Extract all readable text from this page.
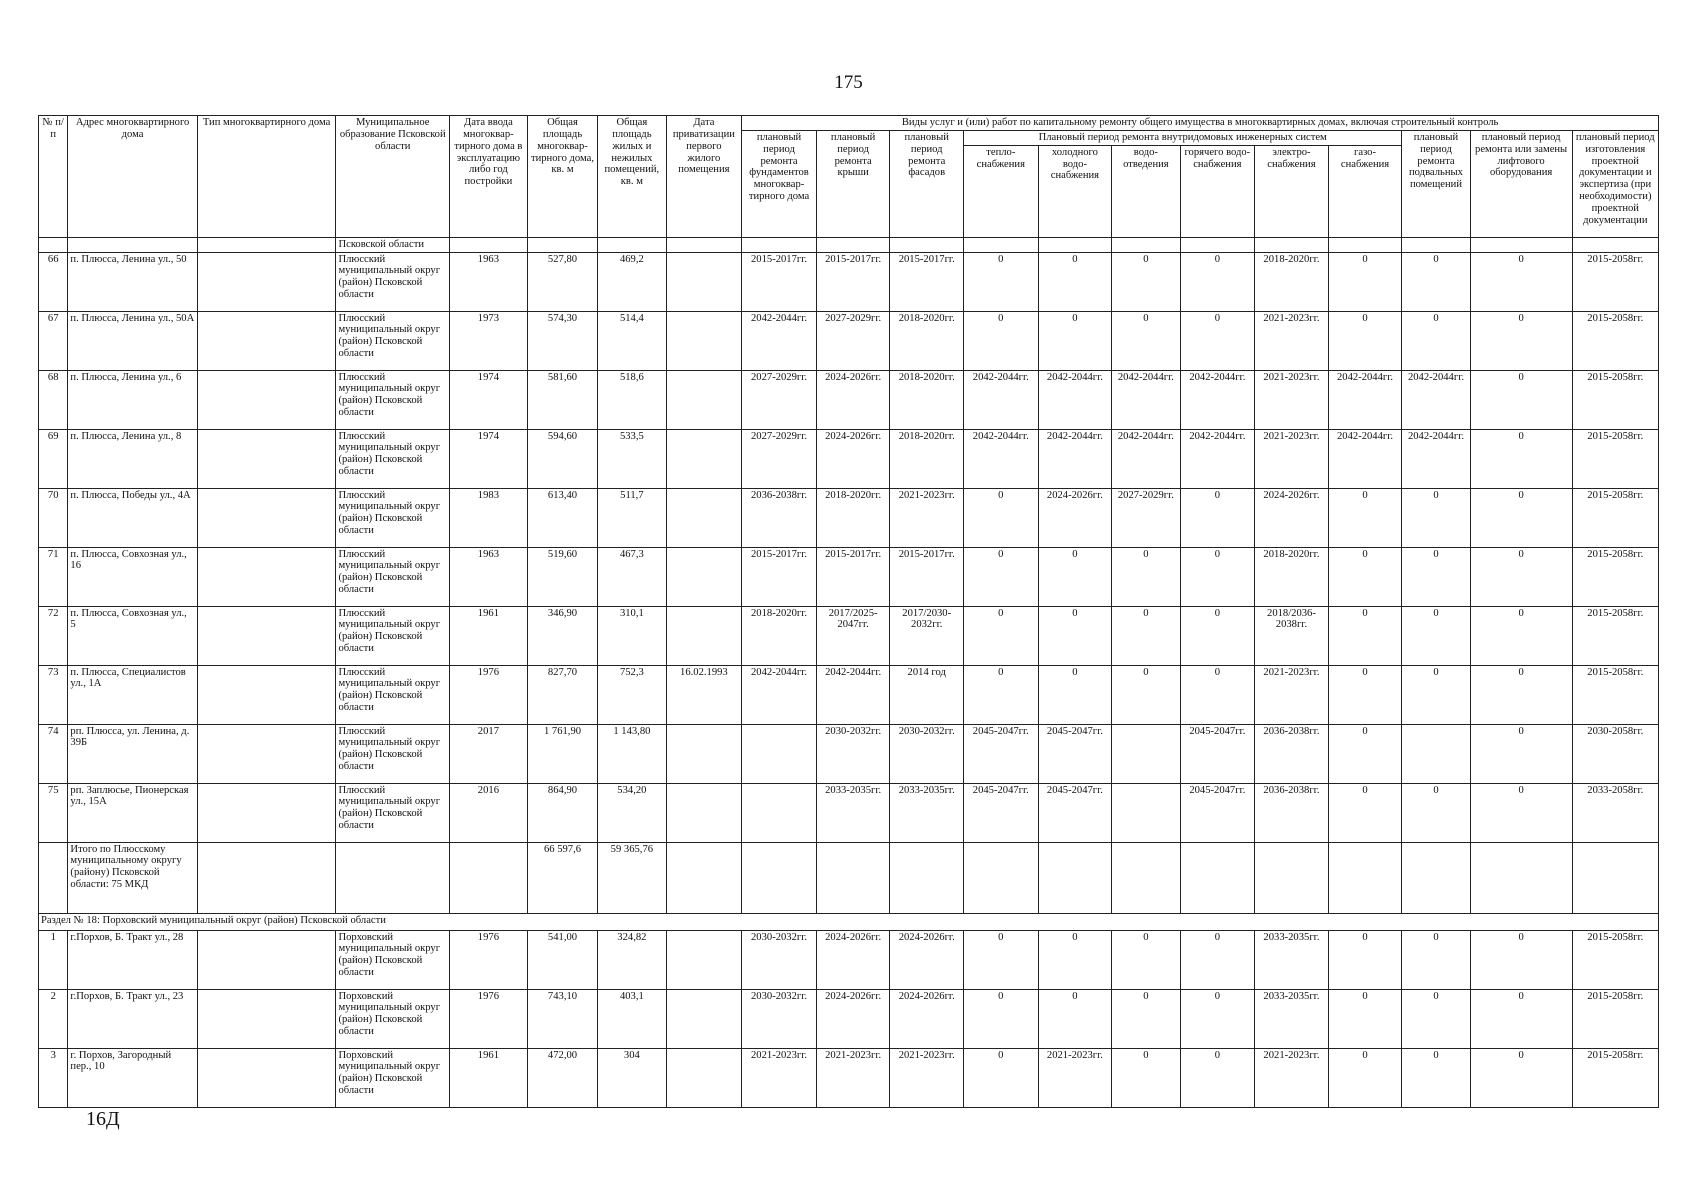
175
№ п/п	Адрес многоквартирного дома	Тип многоквартирного дома	Муниципальное образование Псковской области	Дата ввода многоквар-тирного дома в эксплуатацию либо год постройки	Общая площадь многоквар-тирного дома, кв. м	Общая площадь жилых и нежилых помещений, кв. м	Дата приватизации первого жилого помещения	Виды услуг и (или) работ по капитальному ремонту общего имущества в многоквартирных домах, включая строительный контроль											
								плановый период ремонта фундаментов многоквар-тирного дома	плановый период ремонта крыши	плановый период ремонта фасадов	Плановый период ремонта внутридомовых инженерных систем						плановый период ремонта подвальных помещений	плановый период ремонта или замены лифтового оборудования	плановый период изготовления проектной документации и экспертиза (при необходимости) проектной документации
											тепло-снабжения	холодного водо-снабжения	водо-отведения	горячего водо-снабжения	электро-снабжения	газо-снабжения			
			Псковской области																
66	п. Плюсса, Ленина ул., 50		Плюсский муниципальный округ (район) Псковской области	1963	527,80	469,2		2015-2017гг.	2015-2017гг.	2015-2017гг.	0	0	0	0	2018-2020гг.	0	0	0	2015-2058гг.
67	п. Плюсса, Ленина ул., 50А		Плюсский муниципальный округ (район) Псковской области	1973	574,30	514,4		2042-2044гг.	2027-2029гг.	2018-2020гг.	0	0	0	0	2021-2023гг.	0	0	0	2015-2058гг.
68	п. Плюсса, Ленина ул., 6		Плюсский муниципальный округ (район) Псковской области	1974	581,60	518,6		2027-2029гг.	2024-2026гг.	2018-2020гг.	2042-2044гг.	2042-2044гг.	2042-2044гг.	2042-2044гг.	2021-2023гг.	2042-2044гг.	2042-2044гг.	0	2015-2058гг.
69	п. Плюсса, Ленина ул., 8		Плюсский муниципальный округ (район) Псковской области	1974	594,60	533,5		2027-2029гг.	2024-2026гг.	2018-2020гг.	2042-2044гг.	2042-2044гг.	2042-2044гг.	2042-2044гг.	2021-2023гг.	2042-2044гг.	2042-2044гг.	0	2015-2058гг.
70	п. Плюсса, Победы ул., 4А		Плюсский муниципальный округ (район) Псковской области	1983	613,40	511,7		2036-2038гг.	2018-2020гг.	2021-2023гг.	0	2024-2026гг.	2027-2029гг.	0	2024-2026гг.	0	0	0	2015-2058гг.
71	п. Плюсса, Совхозная ул., 16		Плюсский муниципальный округ (район) Псковской области	1963	519,60	467,3		2015-2017гг.	2015-2017гг.	2015-2017гг.	0	0	0	0	2018-2020гг.	0	0	0	2015-2058гг.
72	п. Плюсса, Совхозная ул., 5		Плюсский муниципальный округ (район) Псковской области	1961	346,90	310,1		2018-2020гг.	2017/2025-2047гг.	2017/2030-2032гг.	0	0	0	0	2018/2036-2038гг.	0	0	0	2015-2058гг.
73	п. Плюсса, Специалистов ул., 1А		Плюсский муниципальный округ (район) Псковской области	1976	827,70	752,3	16.02.1993	2042-2044гг.	2042-2044гг.	2014 год	0	0	0	0	2021-2023гг.	0	0	0	2015-2058гг.
74	рп. Плюсса, ул. Ленина, д. 39Б		Плюсский муниципальный округ (район) Псковской области	2017	1 761,90	1 143,80			2030-2032гг.	2030-2032гг.	2045-2047гг.	2045-2047гг.		2045-2047гг.	2036-2038гг.	0		0	2030-2058гг.
75	рп. Заплюсье, Пионерская ул., 15А		Плюсский муниципальный округ (район) Псковской области	2016	864,90	534,20			2033-2035гг.	2033-2035гг.	2045-2047гг.	2045-2047гг.		2045-2047гг.	2036-2038гг.	0	0	0	2033-2058гг.
	Итого по Плюсскому муниципальному округу (району) Псковской области: 75 МКД				66 597,6	59 365,76													
Раздел № 18: Порховский муниципальный округ (район) Псковской области																			
1	г.Порхов, Б. Тракт ул., 28		Порховский муниципальный округ (район) Псковской области	1976	541,00	324,82		2030-2032гг.	2024-2026гг.	2024-2026гг.	0	0	0	0	2033-2035гг.	0	0	0	2015-2058гг.
2	г.Порхов, Б. Тракт ул., 23		Порховский муниципальный округ (район) Псковской области	1976	743,10	403,1		2030-2032гг.	2024-2026гг.	2024-2026гг.	0	0	0	0	2033-2035гг.	0	0	0	2015-2058гг.
3	г. Порхов, Загородный пер., 10		Порховский муниципальный округ (район) Псковской области	1961	472,00	304		2021-2023гг.	2021-2023гг.	2021-2023гг.	0	2021-2023гг.	0	0	2021-2023гг.	0	0	0	2015-2058гг.
16Д
